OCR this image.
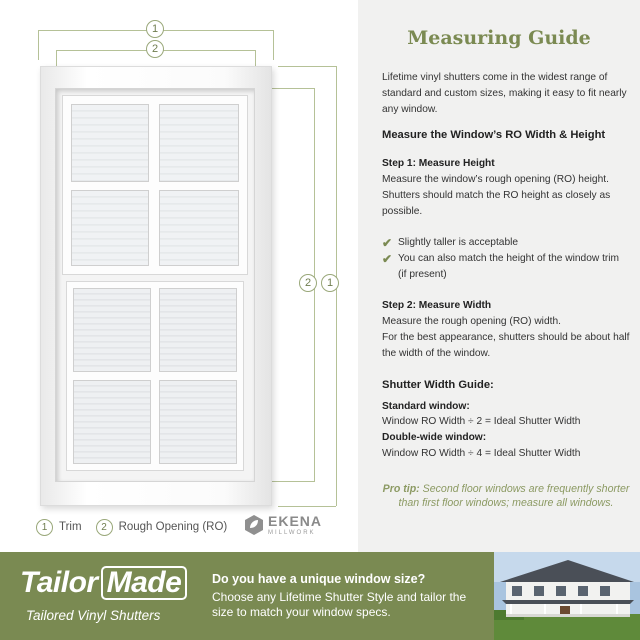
1
2
2	1
1	Trim	2	Rough Opening (RO)	EKENA
MILLWORK
Measuring Guide
Lifetime vinyl shutters come in the widest range of standard and custom sizes, making it easy to fit nearly any window.
Measure the Window’s RO Width & Height
Step 1: Measure Height
Measure the window’s rough opening (RO) height. Shutters should match the RO height as closely as possible.
✔ Slightly taller is acceptable
✔ You can also match the height of the window trim (if present)
Step 2: Measure Width
Measure the rough opening (RO) width.
For the best appearance, shutters should be about half the width of the window.
Shutter Width Guide:
Standard window:
Window RO Width ÷ 2 = Ideal Shutter Width
Double-wide window:
Window RO Width ÷ 4 = Ideal Shutter Width
Pro tip: Second floor windows are frequently shorter than first floor windows; measure all windows.
Tailor Made
Tailored Vinyl Shutters
Do you have a unique window size?
Choose any Lifetime Shutter Style and tailor the size to match your window specs.
